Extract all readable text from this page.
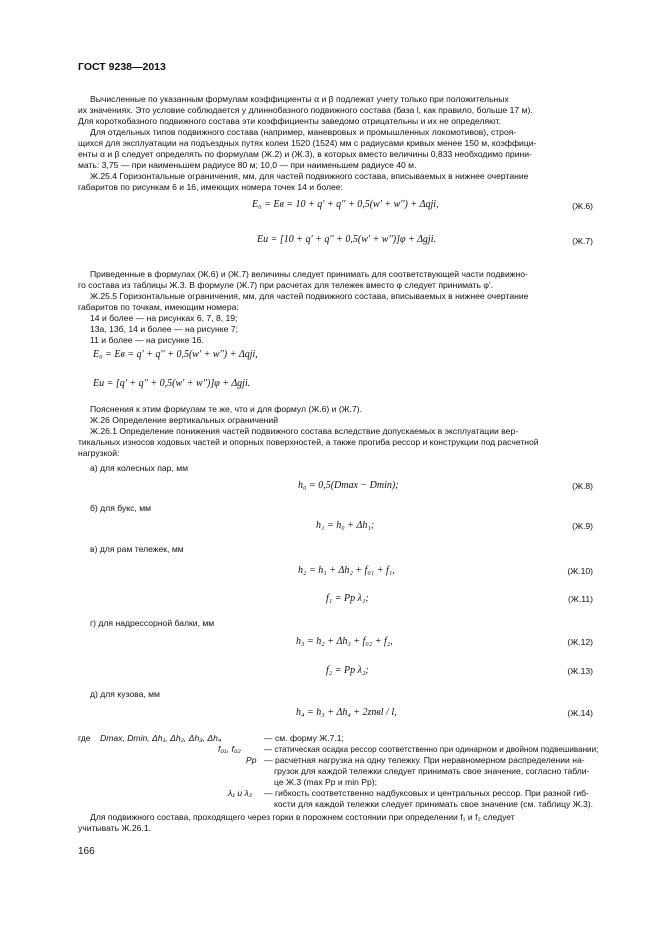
ГОСТ 9238—2013
Вычисленные по указанным формулам коэффициенты α и β подлежат учету только при положительных
их значениях. Это условие соблюдается у длиннобазного подвижного состава (база l, как правило, больше 17 м).
Для короткобазного подвижного состава эти коэффициенты заведомо отрицательны и их не определяют.
Для отдельных типов подвижного состава (например, маневровых и промышленных локомотивов), строя-
щихся для эксплуатации на подъездных путях колеи 1520 (1524) мм с радиусами кривых менее 150 м, коэффици-
енты α и β следует определять по формулам (Ж.2) и (Ж.3), в которых вместо величины 0,833 необходимо прини-
мать: 3,75 — при наименьшем радиусе 80 м; 10,0 — при наименьшем радиусе 40 м.
Ж.25.4 Горизонтальные ограничения, мм, для частей подвижного состава, вписываемых в нижнее очертание
габаритов по рисункам 6 и 16, имеющих номера точек 14 и более:
E₀ = Eв = 10 + q' + q'' + 0,5(w' + w'') + Δqji,	(Ж.6)
Eи = [10 + q' + q'' + 0,5(w' + w'')]φ + Δgji.	(Ж.7)
Приведенные в формулах (Ж.6) и (Ж.7) величины следует принимать для соответствующей части подвижно-
го состава из таблицы Ж.3. В формуле (Ж.7) при расчетах для тележек вместо φ следует принимать φ'.
Ж.25.5 Горизонтальные ограничения, мм, для частей подвижного состава, вписываемых в нижнее очертание
габаритов по точкам, имеющим номера:
14 и более — на рисунках 6, 7, 8, 19;
13а, 13б, 14 и более — на рисунке 7;
11 и более — на рисунке 16.
E₀ = Eв = q' + q'' + 0,5(w' + w'') + Δqji,
Eи = [q' + q'' + 0,5(w' + w'')]φ + Δgji.
Пояснения к этим формулам те же, что и для формул (Ж.6) и (Ж.7).
Ж.26 Определение вертикальных ограничений
Ж.26.1 Определение понижения частей подвижного состава вследствие допускаемых в эксплуатации вер-
тикальных износов ходовых частей и опорных поверхностей, а также прогиба рессор и конструкции под расчетной
нагрузкой:
а) для колесных пар, мм
h₀ = 0,5(Dmax − Dmin);	(Ж.8)
б) для букс, мм
h₁ = h₀ + Δh₁;	(Ж.9)
в) для рам тележек, мм
h₂ = h₁ + Δh₂ + f₀₁ + f₁,	(Ж.10)
f₁ = Pр λ₁;	(Ж.11)
г) для надрессорной балки, мм
h₃ = h₂ + Δh₃ + f₀₂ + f₂,	(Ж.12)
f₂ = Pр λ₂;	(Ж.13)
д) для кузова, мм
h₄ = h₃ + Δh₄ + 2znвl / l,	(Ж.14)
где Dmax, Dmin, Δh₁, Δh₂, Δh₃, Δh₄	— см. форму Ж.7.1;
f₀₁, f₀₂	— статическая осадка рессор соответственно при одинарном и двойном подвешивании;
Pр — расчетная нагрузка на одну тележку. При неравномерном распределении на-
грузок для каждой тележки следует принимать свое значение, согласно табли-
це Ж.3 (max Pр и min Pр);
λ₁ и λ₂ — гибкость соответственно надбуксовых и центральных рессор. При разной гиб-
кости для каждой тележки следует принимать свое значение (см. таблицу Ж.3).
Для подвижного состава, проходящего через горки в порожнем состоянии при определении f₁ и f₂ следует
учитывать Ж.26.1.
166
